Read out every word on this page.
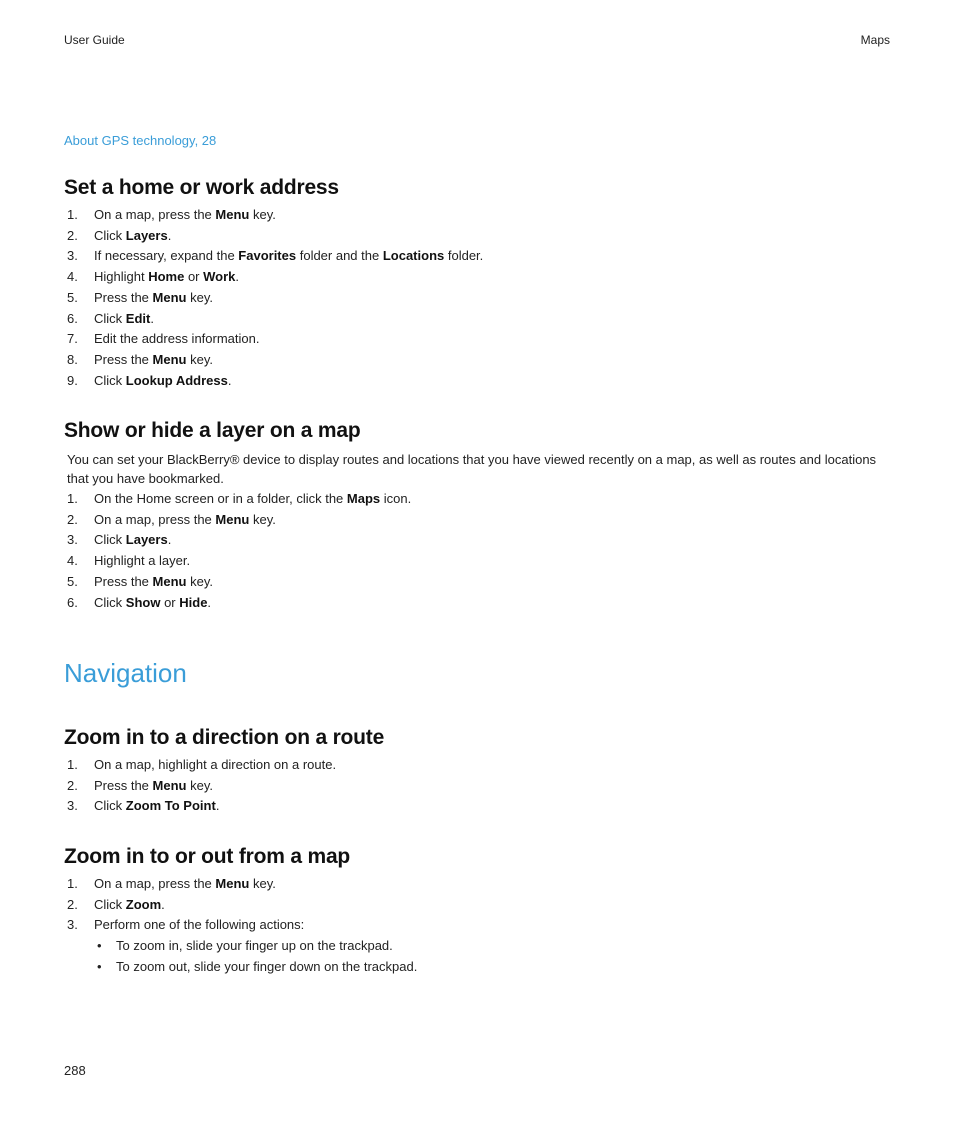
User Guide	Maps
About GPS technology, 28
Set a home or work address
1. On a map, press the Menu key.
2. Click Layers.
3. If necessary, expand the Favorites folder and the Locations folder.
4. Highlight Home or Work.
5. Press the Menu key.
6. Click Edit.
7. Edit the address information.
8. Press the Menu key.
9. Click Lookup Address.
Show or hide a layer on a map

You can set your BlackBerry® device to display routes and locations that you have viewed recently on a map, as well as routes and locations that you have bookmarked.

1. On the Home screen or in a folder, click the Maps icon.
2. On a map, press the Menu key.
3. Click Layers.
4. Highlight a layer.
5. Press the Menu key.
6. Click Show or Hide.
Navigation
Zoom in to a direction on a route
1. On a map, highlight a direction on a route.
2. Press the Menu key.
3. Click Zoom To Point.
Zoom in to or out from a map
1. On a map, press the Menu key.
2. Click Zoom.
3. Perform one of the following actions:
• To zoom in, slide your finger up on the trackpad.
• To zoom out, slide your finger down on the trackpad.
288
